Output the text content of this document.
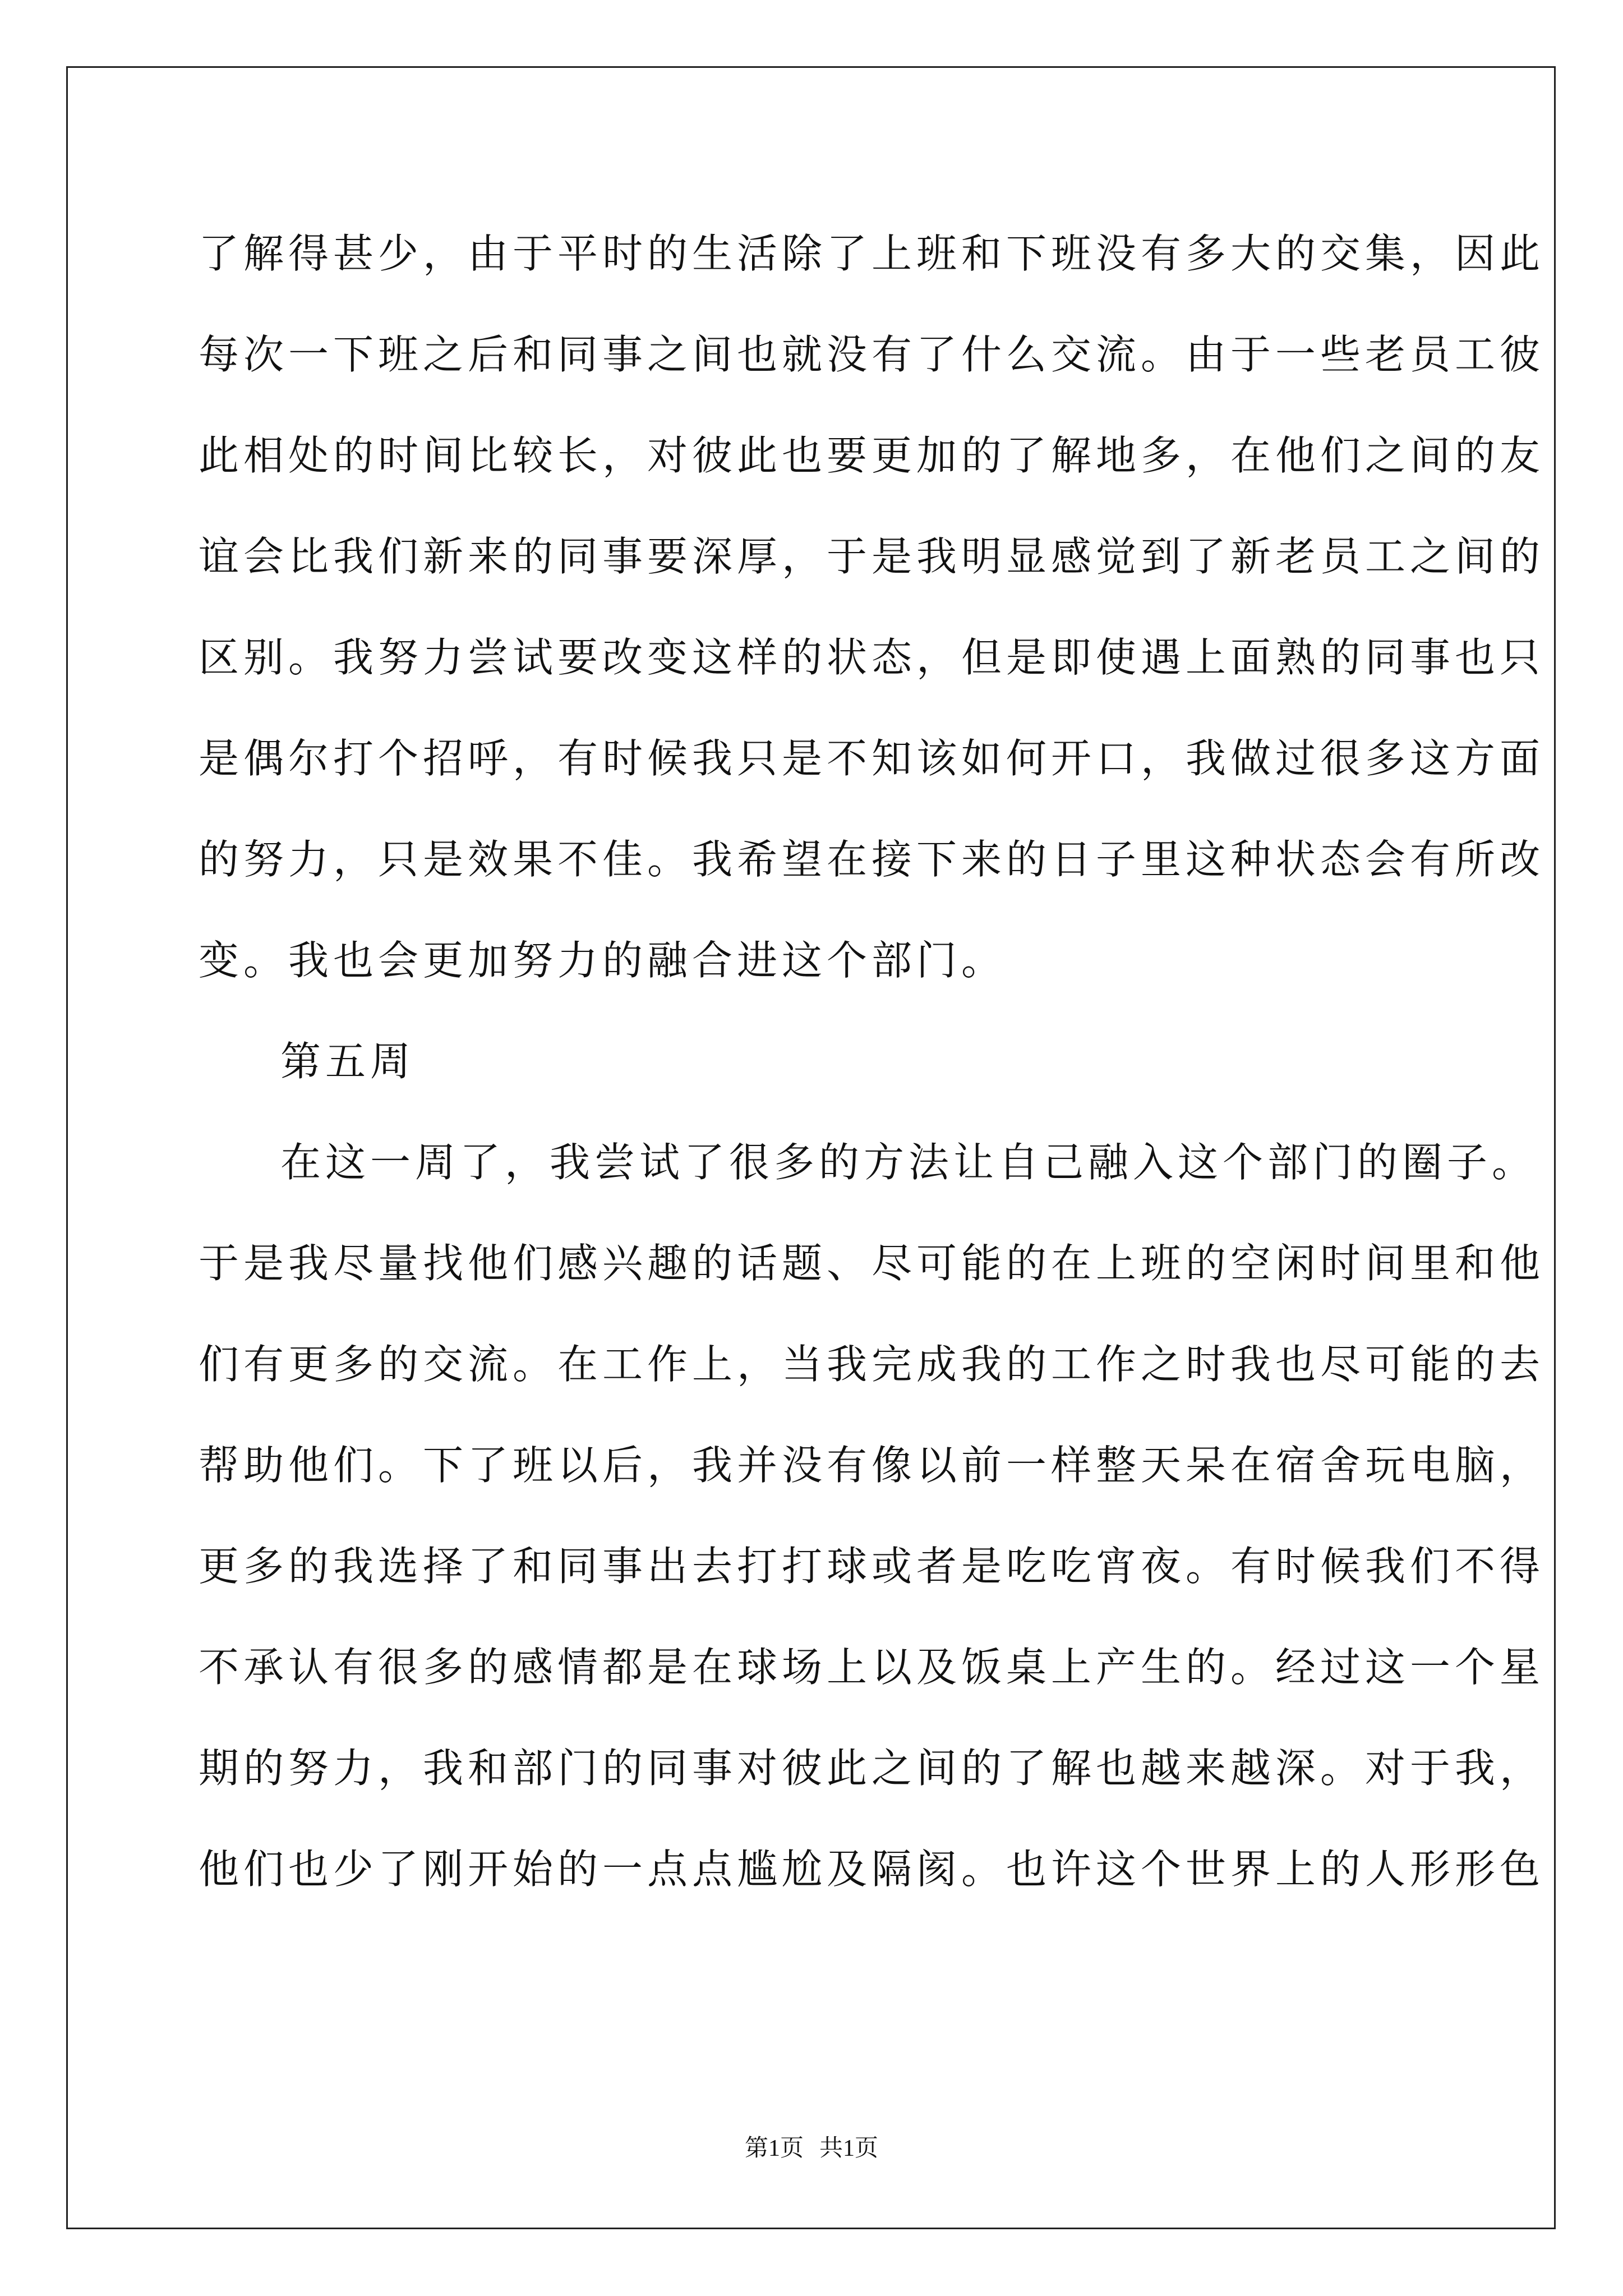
了解得甚少，由于平时的生活除了上班和下班没有多大的交集，因此
每次一下班之后和同事之间也就没有了什么交流。由于一些老员工彼
此相处的时间比较长，对彼此也要更加的了解地多，在他们之间的友
谊会比我们新来的同事要深厚，于是我明显感觉到了新老员工之间的
区别。我努力尝试要改变这样的状态，但是即使遇上面熟的同事也只
是偶尔打个招呼，有时候我只是不知该如何开口，我做过很多这方面
的努力，只是效果不佳。我希望在接下来的日子里这种状态会有所改
变。我也会更加努力的融合进这个部门。
第五周
在这一周了，我尝试了很多的方法让自己融入这个部门的圈子。
于是我尽量找他们感兴趣的话题、尽可能的在上班的空闲时间里和他
们有更多的交流。在工作上，当我完成我的工作之时我也尽可能的去
帮助他们。下了班以后，我并没有像以前一样整天呆在宿舍玩电脑，
更多的我选择了和同事出去打打球或者是吃吃宵夜。有时候我们不得
不承认有很多的感情都是在球场上以及饭桌上产生的。经过这一个星
期的努力，我和部门的同事对彼此之间的了解也越来越深。对于我，
他们也少了刚开始的一点点尴尬及隔阂。也许这个世界上的人形形色
第1页 共1页
